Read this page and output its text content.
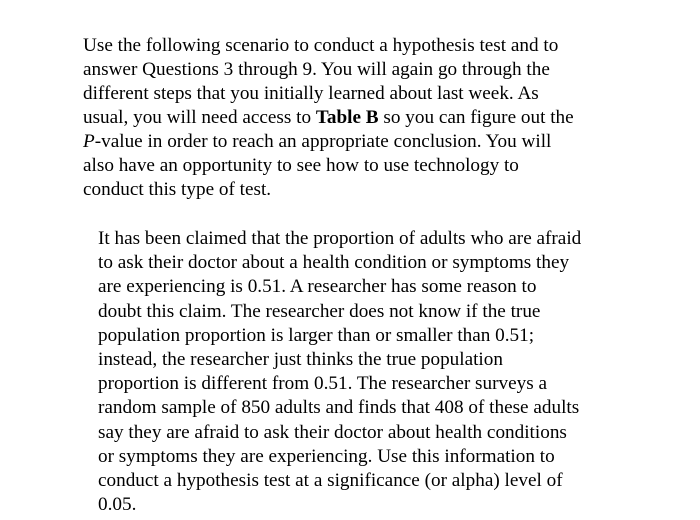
Use the following scenario to conduct a hypothesis test and to
answer Questions 3 through 9. You will again go through the
different steps that you initially learned about last week. As
usual, you will need access to Table B so you can figure out the
P-value in order to reach an appropriate conclusion. You will
also have an opportunity to see how to use technology to
conduct this type of test.

It has been claimed that the proportion of adults who are afraid
to ask their doctor about a health condition or symptoms they
are experiencing is 0.51. A researcher has some reason to
doubt this claim. The researcher does not know if the true
population proportion is larger than or smaller than 0.51;
instead, the researcher just thinks the true population
proportion is different from 0.51. The researcher surveys a
random sample of 850 adults and finds that 408 of these adults
say they are afraid to ask their doctor about health conditions
or symptoms they are experiencing. Use this information to
conduct a hypothesis test at a significance (or alpha) level of
0.05.
